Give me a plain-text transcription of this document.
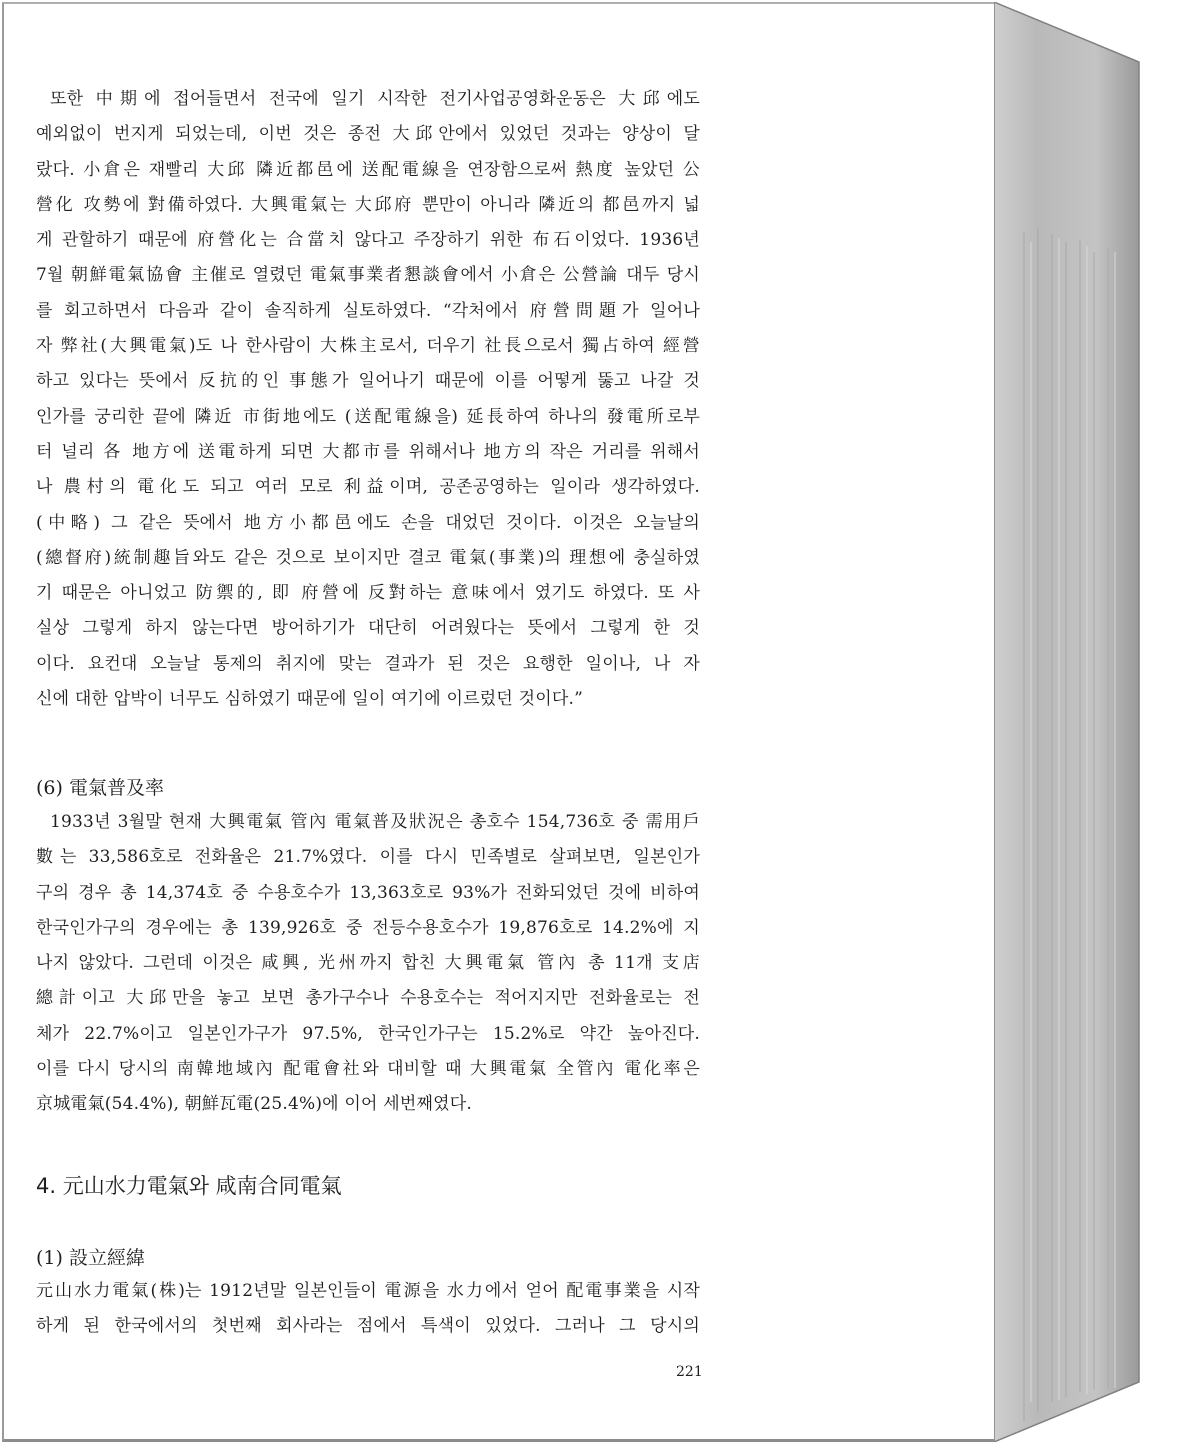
또한 中期에 접어들면서 전국에 일기 시작한 전기사업공영화운동은 大邱에도

예외없이 번지게 되었는데, 이번 것은 종전 大邱안에서 있었던 것과는 양상이 달

랐다. 小倉은 재빨리 大邱 隣近都邑에 送配電線을 연장함으로써 熱度 높았던 公

營化 攻勢에 對備하였다. 大興電氣는 大邱府 뿐만이 아니라 隣近의 都邑까지 넓

게 관할하기 때문에 府營化는 合當치 않다고 주장하기 위한 布石이었다. 1936년

7월 朝鮮電氣協會 主催로 열렸던 電氣事業者懇談會에서 小倉은 公營論 대두 당시

를 회고하면서 다음과 같이 솔직하게 실토하였다. “각처에서 府營問題가 일어나

자 弊社(大興電氣)도 나 한사람이 大株主로서, 더우기 社長으로서 獨占하여 經營

하고 있다는 뜻에서 反抗的인 事態가 일어나기 때문에 이를 어떻게 뚫고 나갈 것

인가를 궁리한 끝에 隣近 市街地에도 (送配電線을) 延長하여 하나의 發電所로부

터 널리 各 地方에 送電하게 되면 大都市를 위해서나 地方의 작은 거리를 위해서

나 農村의 電化도 되고 여러 모로 利益이며, 공존공영하는 일이라 생각하였다.

(中略) 그 같은 뜻에서 地方小都邑에도 손을 대었던 것이다. 이것은 오늘날의

(總督府)統制趣旨와도 같은 것으로 보이지만 결코 電氣(事業)의 理想에 충실하였

기 때문은 아니었고 防禦的, 即 府營에 反對하는 意味에서 였기도 하였다. 또 사

실상 그렇게 하지 않는다면 방어하기가 대단히 어려웠다는 뜻에서 그렇게 한 것

이다. 요컨대 오늘날 통제의 취지에 맞는 결과가 된 것은 요행한 일이나, 나 자

신에 대한 압박이 너무도 심하였기 때문에 일이 여기에 이르렀던 것이다.”

(6) 電氣普及率

1933년 3월말 현재 大興電氣 管內 電氣普及狀況은 총호수 154,736호 중 需用戶

數는 33,586호로 전화율은 21.7%였다. 이를 다시 민족별로 살펴보면, 일본인가

구의 경우 총 14,374호 중 수용호수가 13,363호로 93%가 전화되었던 것에 비하여

한국인가구의 경우에는 총 139,926호 중 전등수용호수가 19,876호로 14.2%에 지

나지 않았다. 그런데 이것은 咸興, 光州까지 합친 大興電氣 管內 총 11개 支店

總計이고 大邱만을 놓고 보면 총가구수나 수용호수는 적어지지만 전화율로는 전

체가 22.7%이고 일본인가구가 97.5%, 한국인가구는 15.2%로 약간 높아진다.

이를 다시 당시의 南韓地域內 配電會社와 대비할 때 大興電氣 全管內 電化率은

京城電氣(54.4%), 朝鮮瓦電(25.4%)에 이어 세번째였다.

4. 元山水力電氣와 咸南合同電氣
(1) 設立經緯

元山水力電氣(株)는 1912년말 일본인들이 電源을 水力에서 얻어 配電事業을 시작

하게 된 한국에서의 첫번째 회사라는 점에서 특색이 있었다. 그러나 그 당시의

221
